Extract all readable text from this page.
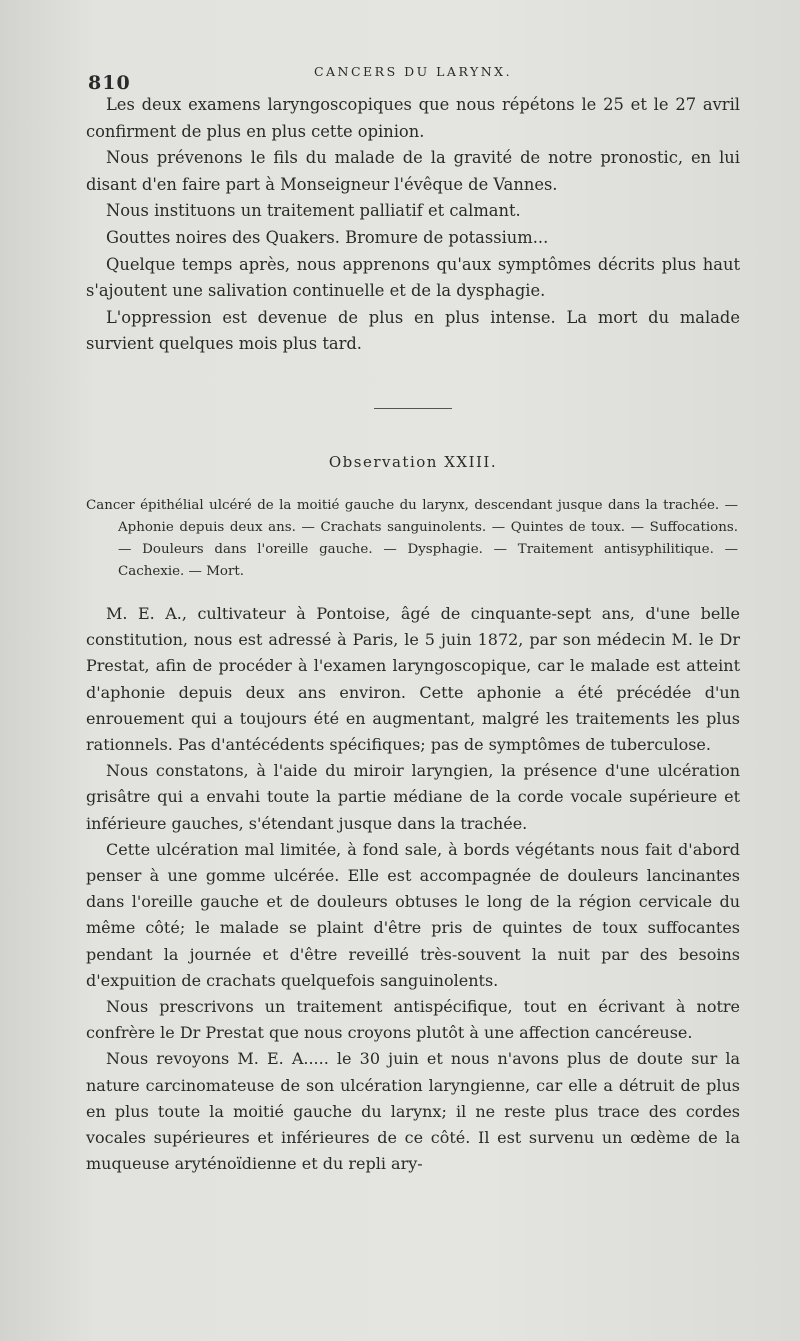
810
CANCERS DU LARYNX.

Les deux examens laryngoscopiques que nous répétons le 25 et le 27 avril confirment de plus en plus cette opinion.

Nous prévenons le fils du malade de la gravité de notre pronostic, en lui disant d'en faire part à Monseigneur l'évêque de Vannes.

Nous instituons un traitement palliatif et calmant.

Gouttes noires des Quakers. Bromure de potassium...

Quelque temps après, nous apprenons qu'aux symptômes décrits plus haut s'ajoutent une salivation continuelle et de la dysphagie.

L'oppression est devenue de plus en plus intense. La mort du malade survient quelques mois plus tard.

Observation XXIII.
Cancer épithélial ulcéré de la moitié gauche du larynx, descendant jusque dans la trachée. — Aphonie depuis deux ans. — Crachats sanguinolents. — Quintes de toux. — Suffocations. — Douleurs dans l'oreille gauche. — Dysphagie. — Traitement antisyphilitique. — Cachexie. — Mort.

M. E. A., cultivateur à Pontoise, âgé de cinquante-sept ans, d'une belle constitution, nous est adressé à Paris, le 5 juin 1872, par son médecin M. le Dr Prestat, afin de procéder à l'examen laryngoscopique, car le malade est atteint d'aphonie depuis deux ans environ. Cette aphonie a été précédée d'un enrouement qui a toujours été en augmentant, malgré les traitements les plus rationnels. Pas d'antécédents spécifiques; pas de symptômes de tuberculose.

Nous constatons, à l'aide du miroir laryngien, la présence d'une ulcération grisâtre qui a envahi toute la partie médiane de la corde vocale supérieure et inférieure gauches, s'étendant jusque dans la trachée.

Cette ulcération mal limitée, à fond sale, à bords végétants nous fait d'abord penser à une gomme ulcérée. Elle est accompagnée de douleurs lancinantes dans l'oreille gauche et de douleurs obtuses le long de la région cervicale du même côté; le malade se plaint d'être pris de quintes de toux suffocantes pendant la journée et d'être reveillé très-souvent la nuit par des besoins d'expuition de crachats quelquefois sanguinolents.

Nous prescrivons un traitement antispécifique, tout en écrivant à notre confrère le Dr Prestat que nous croyons plutôt à une affection cancéreuse.

Nous revoyons M. E. A..... le 30 juin et nous n'avons plus de doute sur la nature carcinomateuse de son ulcération laryngienne, car elle a détruit de plus en plus toute la moitié gauche du larynx; il ne reste plus trace des cordes vocales supérieures et inférieures de ce côté. Il est survenu un œdème de la muqueuse aryténoïdienne et du repli ary-
